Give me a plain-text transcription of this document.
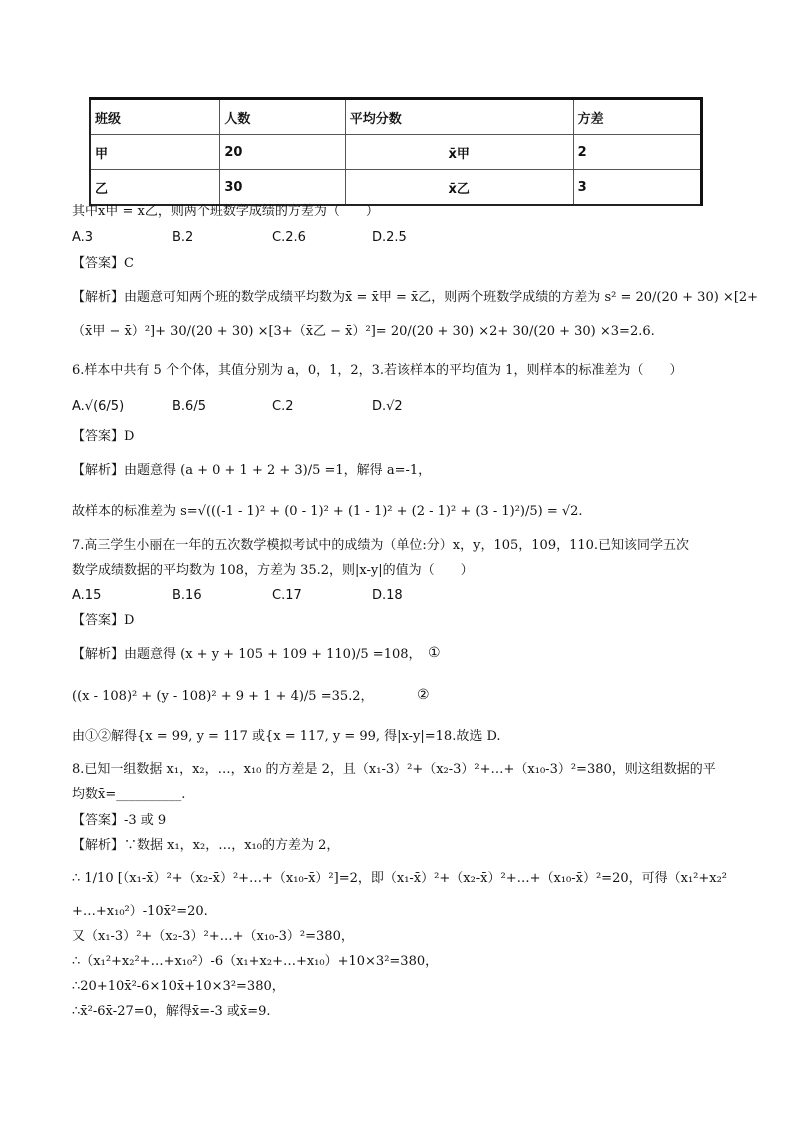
班级	人数	平均分数	方差
甲	20	x̄甲	2
乙	30	x̄乙	3
其中x̄甲 = x̄乙，则两个班数学成绩的方差为（　　）
A.3	B.2	C.2.6	D.2.5
【答案】C
【解析】由题意可知两个班的数学成绩平均数为x̄ = x̄甲 = x̄乙，则两个班数学成绩的方差为 s² = 20/(20 + 30) ×[2+
（x̄甲 − x̄）²]+ 30/(20 + 30) ×[3+（x̄乙 − x̄）²]= 20/(20 + 30) ×2+ 30/(20 + 30) ×3=2.6.
6.样本中共有 5 个个体，其值分别为 a，0，1，2，3.若该样本的平均值为 1，则样本的标准差为（　　）
A.√(6/5)	B.6/5	C.2	D.√2
【答案】D
【解析】由题意得 (a + 0 + 1 + 2 + 3)/5 =1，解得 a=-1，
故样本的标准差为 s=√(((-1 - 1)² + (0 - 1)² + (1 - 1)² + (2 - 1)² + (3 - 1)²)/5) = √2.
7.高三学生小丽在一年的五次数学模拟考试中的成绩为（单位:分）x，y，105，109，110.已知该同学五次
数学成绩数据的平均数为 108，方差为 35.2，则|x-y|的值为（　　）
A.15	B.16	C.17	D.18
【答案】D
【解析】由题意得 (x + y + 105 + 109 + 110)/5 =108， ①
((x - 108)² + (y - 108)² + 9 + 1 + 4)/5 =35.2，	②
由①②解得{x = 99, y = 117 或{x = 117, y = 99, 得|x-y|=18.故选 D.
8.已知一组数据 x₁，x₂，…，x₁₀ 的方差是 2，且（x₁-3）²+（x₂-3）²+…+（x₁₀-3）²=380，则这组数据的平
均数x̄=__________.
【答案】-3 或 9
【解析】∵数据 x₁，x₂，…，x₁₀的方差为 2，
∴ 1/10 [（x₁-x̄）²+（x₂-x̄）²+…+（x₁₀-x̄）²]=2，即（x₁-x̄）²+（x₂-x̄）²+…+（x₁₀-x̄）²=20，可得（x₁²+x₂²
+…+x₁₀²）-10x̄²=20.
又（x₁-3）²+（x₂-3）²+…+（x₁₀-3）²=380，
∴（x₁²+x₂²+…+x₁₀²）-6（x₁+x₂+…+x₁₀）+10×3²=380，
∴20+10x̄²-6×10x̄+10×3²=380，
∴x̄²-6x̄-27=0，解得x̄=-3 或x̄=9.
